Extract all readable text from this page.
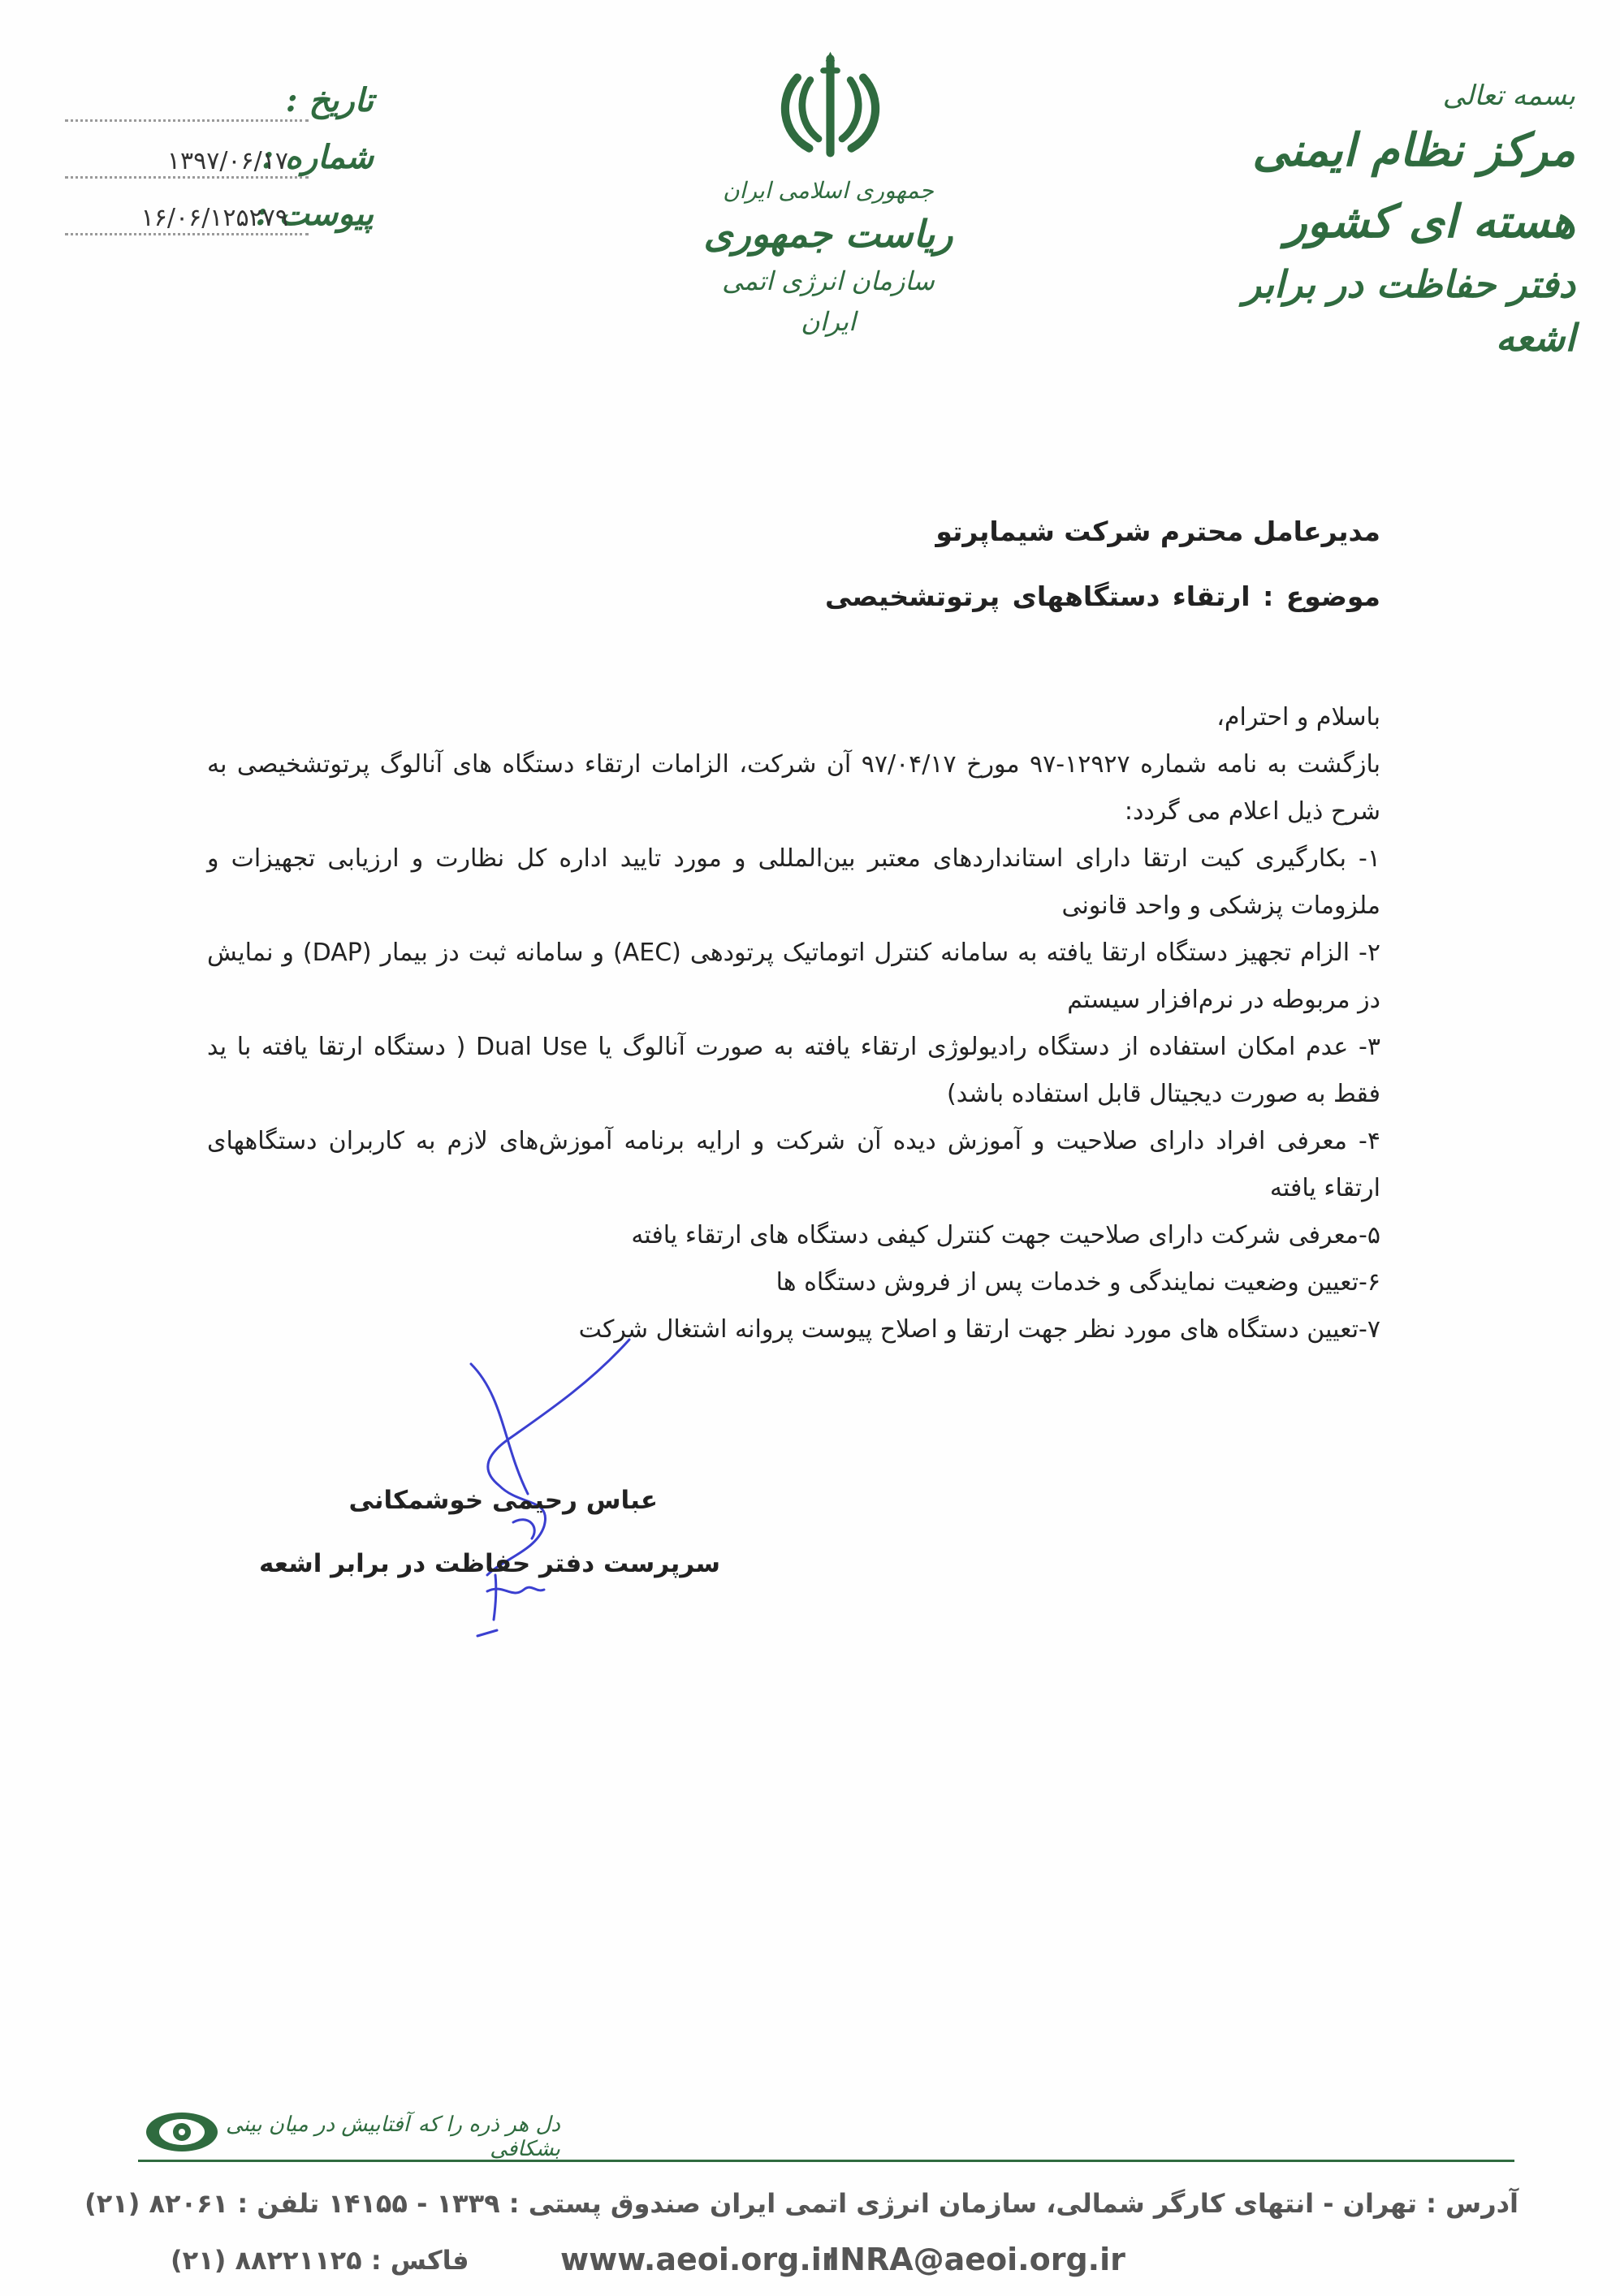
بسمه تعالی
مرکز نظام ایمنی هسته ای کشور
دفتر حفاظت در برابر اشعه
جمهوری اسلامی ایران
ریاست جمهوری
سازمان انرژی اتمی ایران
تاریخ :
شماره :
۱۳۹۷/۰۶/۱۷
پیوست :
۱۶/۰۶/۱۲۵۲۷۹
مدیرعامل محترم شرکت شیماپرتو
موضوع : ارتقاء دستگاههای پرتوتشخیصی

باسلام و احترام،

بازگشت به نامه شماره ۱۲۹۲۷-۹۷ مورخ ۹۷/۰۴/۱۷ آن شرکت، الزامات ارتقاء دستگاه های آنالوگ پرتوتشخیصی به شرح ذیل اعلام می گردد:

۱- بکارگیری کیت ارتقا دارای استانداردهای معتبر بین‌المللی و مورد تایید اداره کل نظارت و ارزیابی تجهیزات و ملزومات پزشکی و واحد قانونی

۲- الزام تجهیز دستگاه ارتقا یافته به سامانه کنترل اتوماتیک پرتودهی (AEC) و سامانه ثبت دز بیمار (DAP) و نمایش دز مربوطه در نرم‌افزار سیستم

۳- عدم امکان استفاده از دستگاه رادیولوژی ارتقاء یافته به صورت آنالوگ یا Dual Use ( دستگاه ارتقا یافته با ید فقط به صورت دیجیتال قابل استفاده باشد)

۴- معرفی افراد دارای صلاحیت و آموزش دیده آن شرکت و ارایه برنامه آموزش‌های لازم به کاربران دستگاههای ارتقاء یافته

۵-معرفی شرکت دارای صلاحیت جهت کنترل کیفی دستگاه های ارتقاء یافته

۶-تعیین وضعیت نمایندگی و خدمات پس از فروش دستگاه ها

۷-تعیین دستگاه های مورد نظر جهت ارتقا و اصلاح پیوست پروانه اشتغال شرکت

عباس رحیمی خوشمکانی
سرپرست دفتر حفاظت در برابر اشعه
آفتابیش در میان بینی دل هر ذره را که بشکافی
آدرس : تهران - انتهای کارگر شمالی، سازمان انرژی اتمی ایران صندوق پستی : ۱۳۳۹ - ۱۴۱۵۵ تلفن : ۸۲۰۶۱ (۲۱)
فاکس : ۸۸۲۲۱۱۲۵ (۲۱)	www.aeoi.org.ir
INRA@aeoi.org.ir
